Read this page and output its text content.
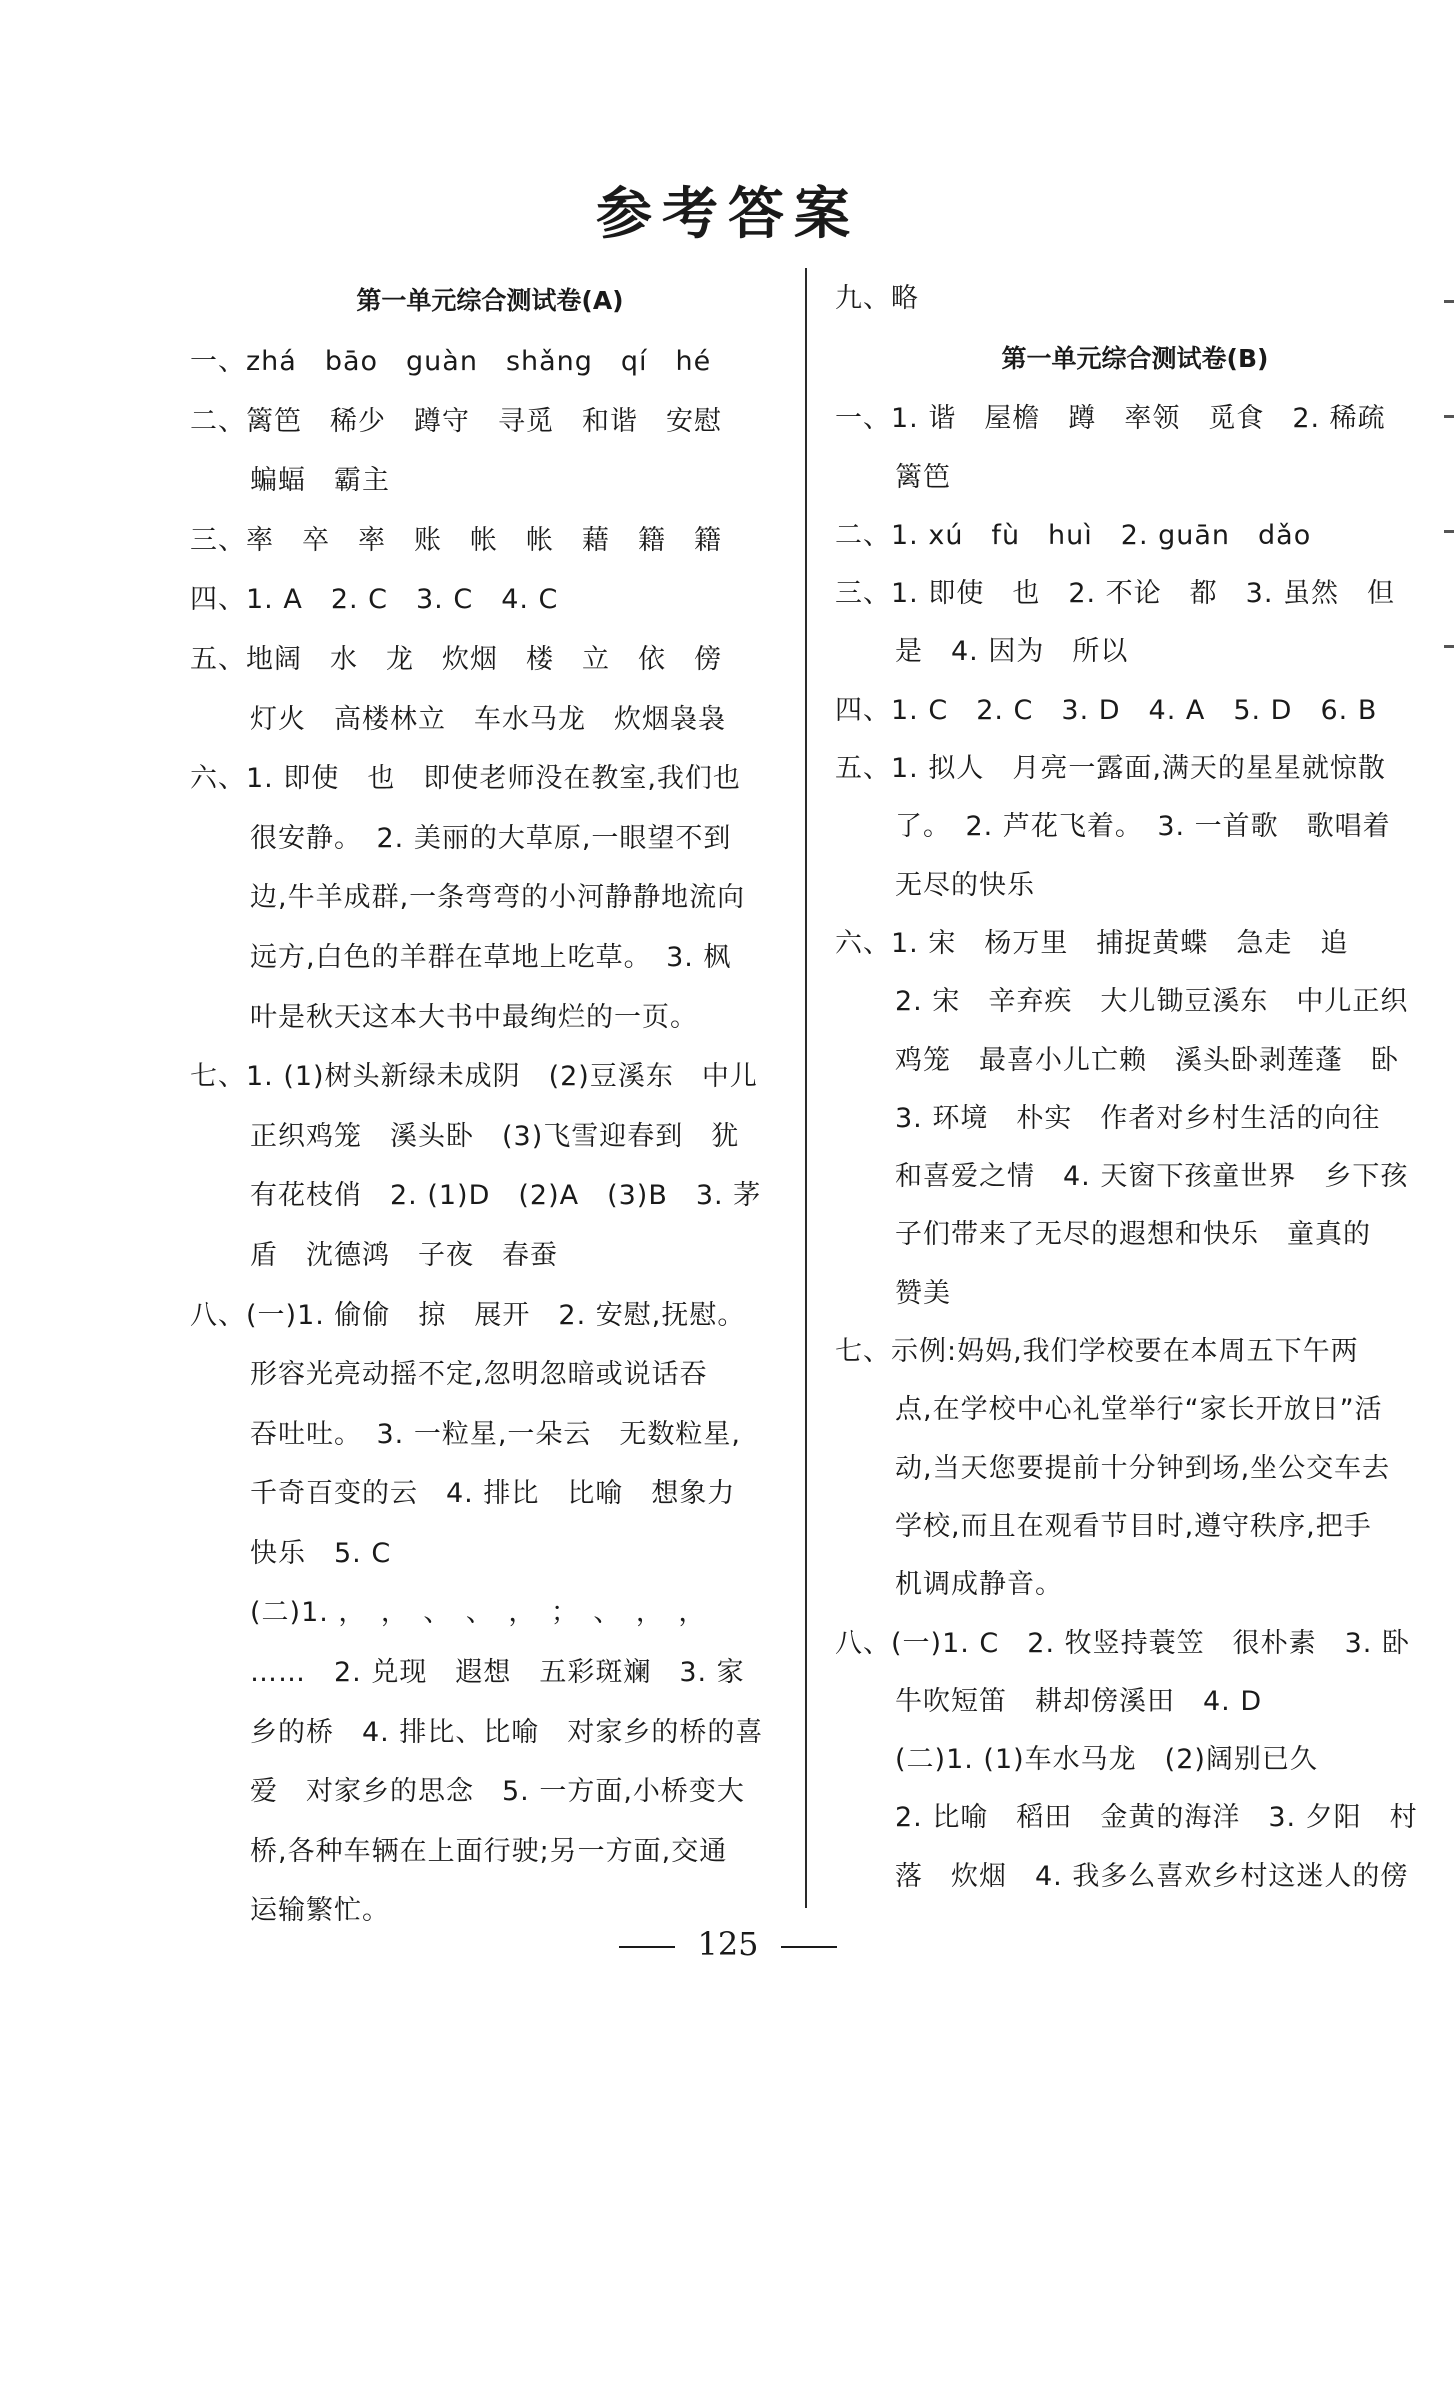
参考答案
第一单元综合测试卷(A)
一、zhá　bāo　guàn　shǎng　qí　hé
二、篱笆　稀少　蹲守　寻觅　和谐　安慰
蝙蝠　霸主
三、率　卒　率　账　帐　帐　藉　籍　籍
四、1. A　2. C　3. C　4. C
五、地阔　水　龙　炊烟　楼　立　依　傍
灯火　高楼林立　车水马龙　炊烟袅袅
六、1. 即使　也　即使老师没在教室,我们也
很安静。　2. 美丽的大草原,一眼望不到
边,牛羊成群,一条弯弯的小河静静地流向
远方,白色的羊群在草地上吃草。　3. 枫
叶是秋天这本大书中最绚烂的一页。
七、1. (1)树头新绿未成阴　(2)豆溪东　中儿
正织鸡笼　溪头卧　(3)飞雪迎春到　犹
有花枝俏　2. (1)D　(2)A　(3)B　3. 茅
盾　沈德鸿　子夜　春蚕
八、(一)1. 偷偷　掠　展开　2. 安慰,抚慰。
形容光亮动摇不定,忽明忽暗或说话吞
吞吐吐。　3. 一粒星,一朵云　无数粒星,
千奇百变的云　4. 排比　比喻　想象力
快乐　5. C
(二)1. ，　，　、　、　，　；　、　，　，
……　2. 兑现　遐想　五彩斑斓　3. 家
乡的桥　4. 排比、比喻　对家乡的桥的喜
爱　对家乡的思念　5. 一方面,小桥变大
桥,各种车辆在上面行驶;另一方面,交通
运输繁忙。
九、略
第一单元综合测试卷(B)
一、1. 谐　屋檐　蹲　率领　觅食　2. 稀疏
篱笆
二、1. xú　fù　huì　2. guān　dǎo
三、1. 即使　也　2. 不论　都　3. 虽然　但
是　4. 因为　所以
四、1. C　2. C　3. D　4. A　5. D　6. B
五、1. 拟人　月亮一露面,满天的星星就惊散
了。　2. 芦花飞着。　3. 一首歌　歌唱着
无尽的快乐
六、1. 宋　杨万里　捕捉黄蝶　急走　追
2. 宋　辛弃疾　大儿锄豆溪东　中儿正织
鸡笼　最喜小儿亡赖　溪头卧剥莲蓬　卧
3. 环境　朴实　作者对乡村生活的向往
和喜爱之情　4. 天窗下孩童世界　乡下孩
子们带来了无尽的遐想和快乐　童真的
赞美
七、示例:妈妈,我们学校要在本周五下午两
点,在学校中心礼堂举行“家长开放日”活
动,当天您要提前十分钟到场,坐公交车去
学校,而且在观看节目时,遵守秩序,把手
机调成静音。
八、(一)1. C　2. 牧竖持蓑笠　很朴素　3. 卧
牛吹短笛　耕却傍溪田　4. D
(二)1. (1)车水马龙　(2)阔别已久
2. 比喻　稻田　金黄的海洋　3. 夕阳　村
落　炊烟　4. 我多么喜欢乡村这迷人的傍
125
